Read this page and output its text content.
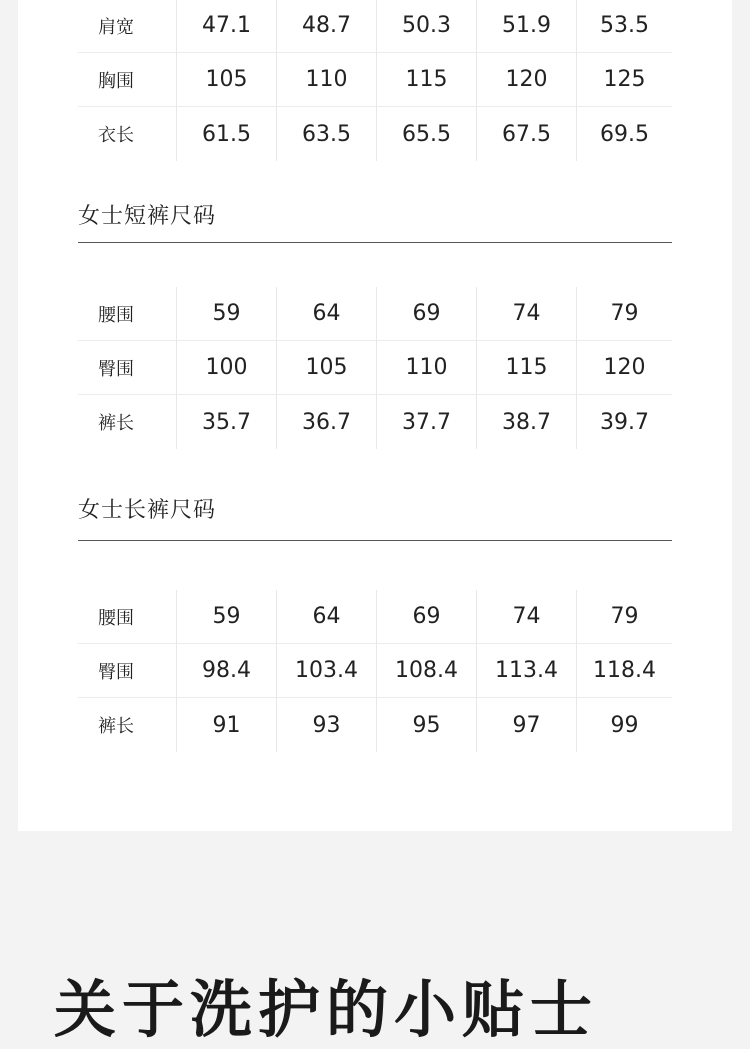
肩宽	47.1	48.7	50.3	51.9	53.5
胸围	105	110	115	120	125
衣长	61.5	63.5	65.5	67.5	69.5
女士短裤尺码
腰围	59	64	69	74	79
臀围	100	105	110	115	120
裤长	35.7	36.7	37.7	38.7	39.7
女士长裤尺码
腰围	59	64	69	74	79
臀围	98.4	103.4	108.4	113.4	118.4
裤长	91	93	95	97	99
关于洗护的小贴士
